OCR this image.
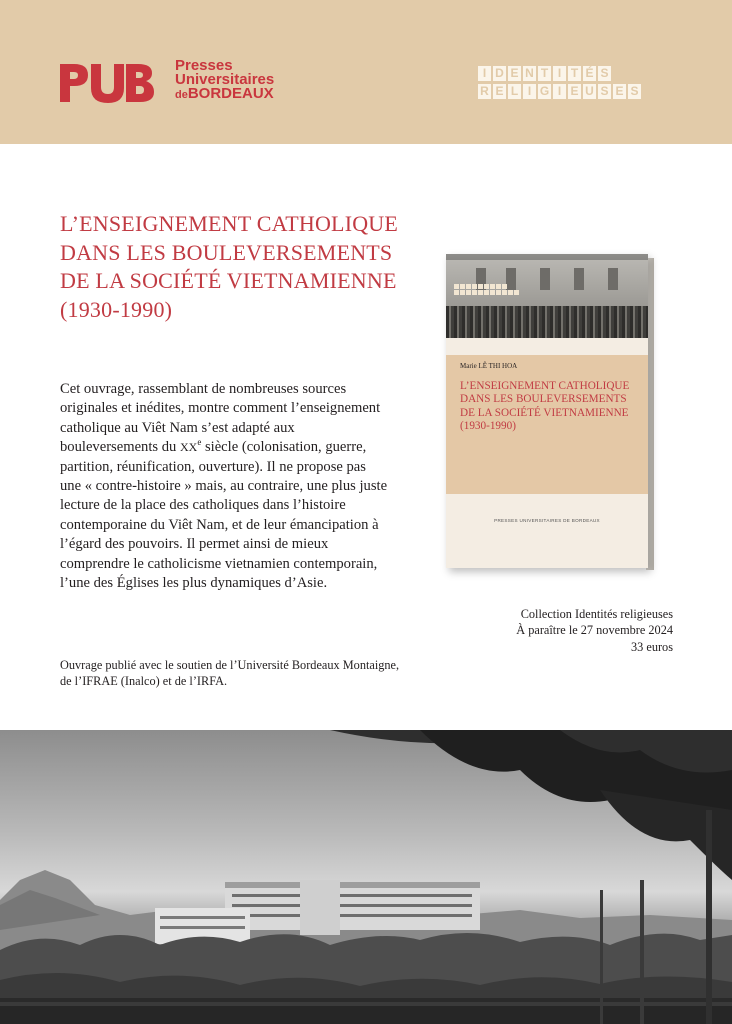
Presses
Universitaires
deBORDEAUX
I D E N T I T É S
R E L I G I E U S E S
L’ENSEIGNEMENT CATHOLIQUE DANS LES BOULEVERSEMENTS DE LA SOCIÉTÉ VIETNAMIENNE (1930-1990)

Cet ouvrage, rassemblant de nombreuses sources originales et inédites, montre comment l’enseignement catholique au Viêt Nam s’est adapté aux bouleversements du XXe siècle (colonisation, guerre, partition, réunification, ouverture). Il ne propose pas une « contre-histoire » mais, au contraire, une plus juste lecture de la place des catholiques dans l’histoire contemporaine du Viêt Nam, et de leur émancipation à l’égard des pouvoirs. Il permet ainsi de mieux comprendre le catholicisme vietnamien contemporain, l’une des Églises les plus dynamiques d’Asie.

Ouvrage publié avec le soutien de l’Université Bordeaux Montaigne, de l’IFRAE (Inalco) et de l’IRFA.

Marie LÊ THI HOA
L’ENSEIGNEMENT CATHOLIQUE DANS LES BOULEVERSEMENTS DE LA SOCIÉTÉ VIETNAMIENNE (1930-1990)
PRESSES UNIVERSITAIRES DE BORDEAUX
Collection Identités religieuses
À paraître le 27 novembre 2024
33 euros
